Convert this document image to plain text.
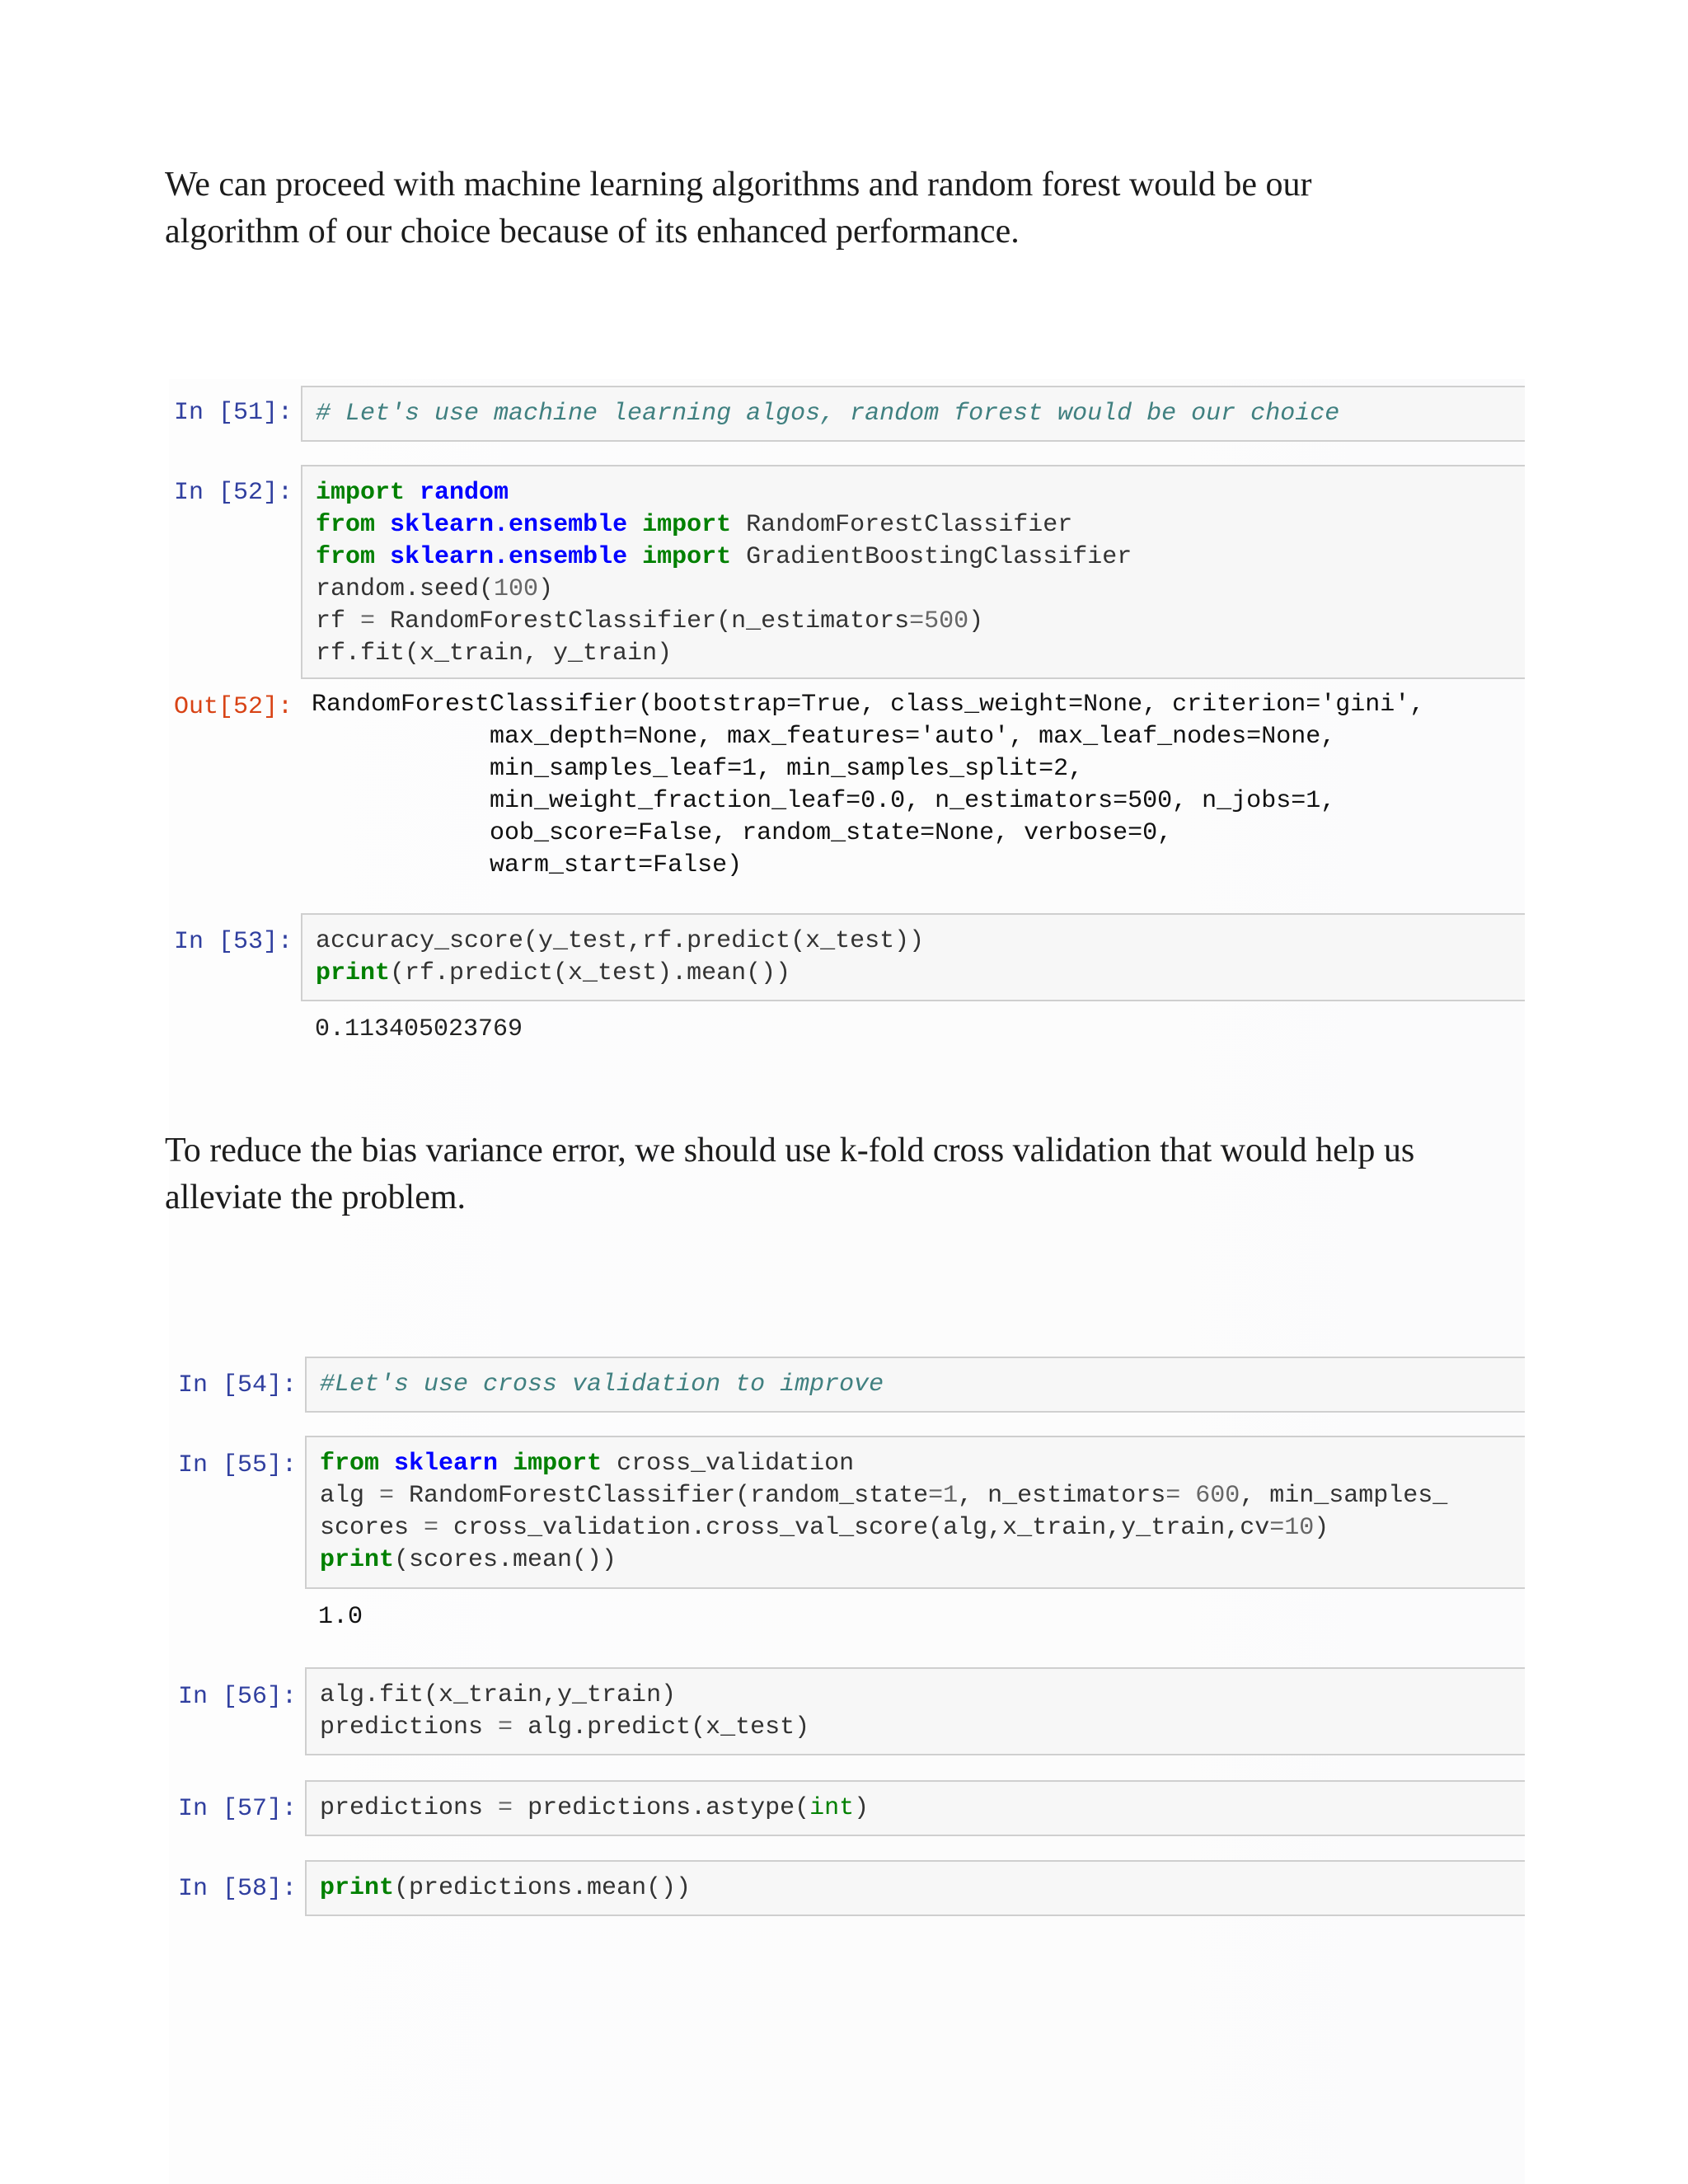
We can proceed with machine learning algorithms and random forest would be our
algorithm of our choice because of its enhanced performance.

In [51]: # Let's use machine learning algos, random forest would be our choice
In [52]: import random
from sklearn.ensemble import RandomForestClassifier
from sklearn.ensemble import GradientBoostingClassifier
random.seed(100)
rf = RandomForestClassifier(n_estimators=500)
rf.fit(x_train, y_train)
Out[52]: RandomForestClassifier(bootstrap=True, class_weight=None, criterion='gini',
max_depth=None, max_features='auto', max_leaf_nodes=None,
min_samples_leaf=1, min_samples_split=2,
min_weight_fraction_leaf=0.0, n_estimators=500, n_jobs=1,
oob_score=False, random_state=None, verbose=0,
warm_start=False)
In [53]: accuracy_score(y_test,rf.predict(x_test))
print(rf.predict(x_test).mean())

To reduce the bias variance error, we should use k-fold cross validation that would help us
alleviate the problem.

In [54]: #Let's use cross validation to improve
In [55]: from sklearn import cross_validation
alg = RandomForestClassifier(random_state=1, n_estimators= 600, min_samples_
scores = cross_validation.cross_val_score(alg,x_train,y_train,cv=10)
print(scores.mean())
1.0
In [56]: alg.fit(x_train,y_train)
predictions = alg.predict(x_test)
In [57]: predictions = predictions.astype(int)
In [58]: print(predictions.mean())
